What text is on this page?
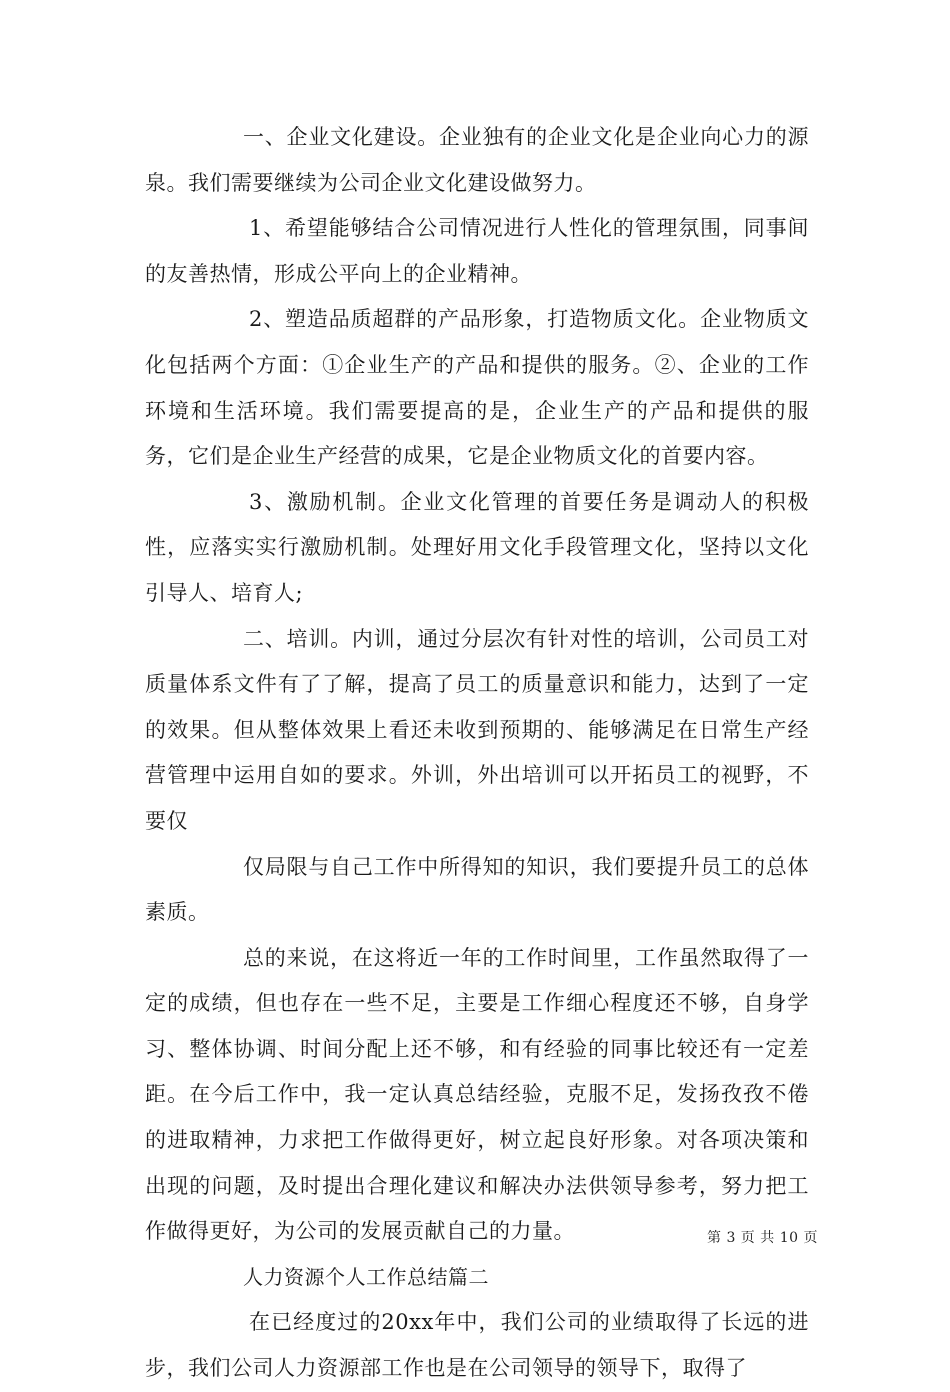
一、企业文化建设。企业独有的企业文化是企业向心力的源泉。我们需要继续为公司企业文化建设做努力。

1、希望能够结合公司情况进行人性化的管理氛围，同事间的友善热情，形成公平向上的企业精神。

2、塑造品质超群的产品形象，打造物质文化。企业物质文化包括两个方面：①企业生产的产品和提供的服务。②、企业的工作环境和生活环境。我们需要提高的是，企业生产的产品和提供的服务，它们是企业生产经营的成果，它是企业物质文化的首要内容。

3、激励机制。企业文化管理的首要任务是调动人的积极性，应落实实行激励机制。处理好用文化手段管理文化，坚持以文化引导人、培育人;

二、培训。内训，通过分层次有针对性的培训，公司员工对质量体系文件有了了解，提高了员工的质量意识和能力，达到了一定的效果。但从整体效果上看还未收到预期的、能够满足在日常生产经营管理中运用自如的要求。外训，外出培训可以开拓员工的视野，不要仅

仅局限与自己工作中所得知的知识，我们要提升员工的总体素质。

总的来说，在这将近一年的工作时间里，工作虽然取得了一定的成绩，但也存在一些不足，主要是工作细心程度还不够，自身学习、整体协调、时间分配上还不够，和有经验的同事比较还有一定差距。在今后工作中，我一定认真总结经验，克服不足，发扬孜孜不倦的进取精神，力求把工作做得更好，树立起良好形象。对各项决策和出现的问题，及时提出合理化建议和解决办法供领导参考，努力把工作做得更好，为公司的发展贡献自己的力量。

人力资源个人工作总结篇二

在已经度过的20xx年中，我们公司的业绩取得了长远的进步，我们公司人力资源部工作也是在公司领导的领导下，取得了

第 3 页 共 10 页
